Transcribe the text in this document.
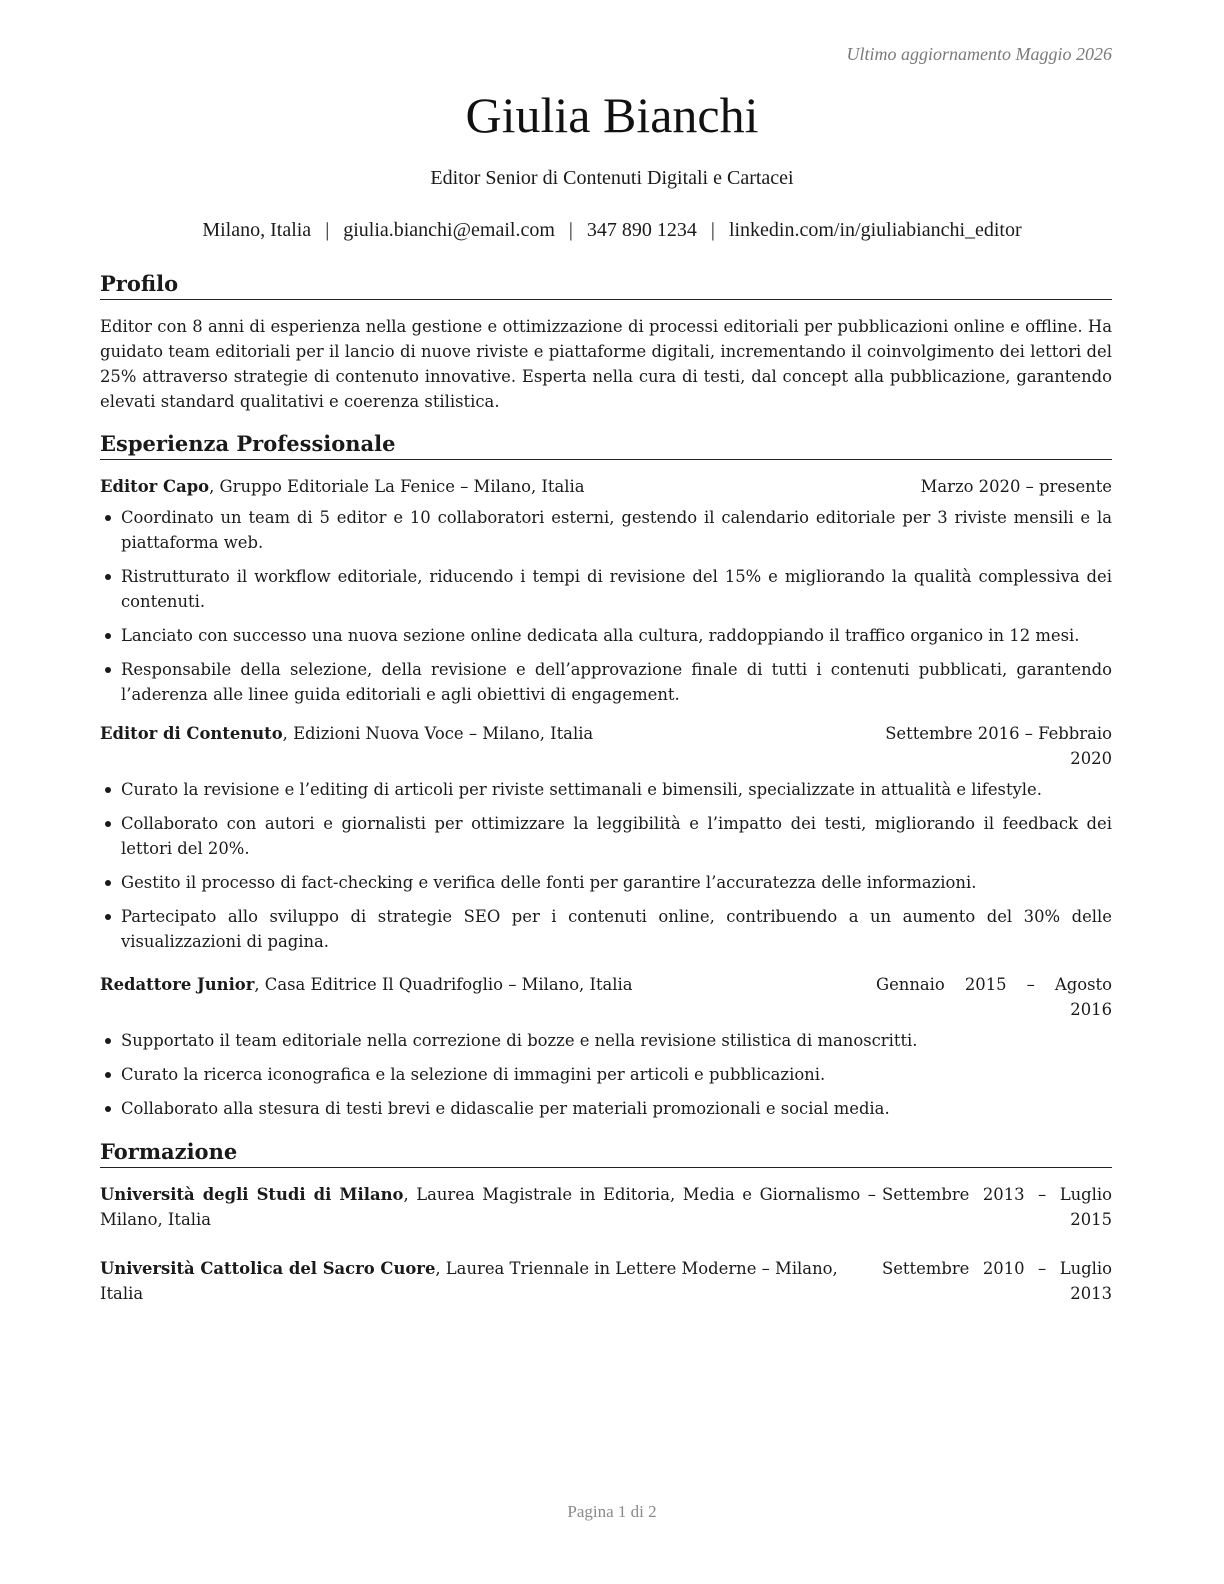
Ultimo aggiornamento Maggio 2026
Giulia Bianchi
Editor Senior di Contenuti Digitali e Cartacei
Milano, Italia | giulia.bianchi@email.com | 347 890 1234 | linkedin.com/in/giuliabianchi_editor
Profilo
Editor con 8 anni di esperienza nella gestione e ottimizzazione di processi editoriali per pubblicazioni online e offline. Ha guidato team editoriali per il lancio di nuove riviste e piattaforme digitali, incrementando il coinvolgimento dei lettori del 25% attraverso strategie di contenuto innovative. Esperta nella cura di testi, dal concept alla pubblicazione, garantendo elevati standard qualitativi e coerenza stilistica.
Esperienza Professionale
Editor Capo, Gruppo Editoriale La Fenice – Milano, Italia	Marzo 2020 – presente
Coordinato un team di 5 editor e 10 collaboratori esterni, gestendo il calendario editoriale per 3 riviste mensili e la piattaforma web.
Ristrutturato il workflow editoriale, riducendo i tempi di revisione del 15% e migliorando la qualità complessiva dei contenuti.
Lanciato con successo una nuova sezione online dedicata alla cultura, raddoppiando il traffico organico in 12 mesi.
Responsabile della selezione, della revisione e dell’approvazione finale di tutti i contenuti pubblicati, garantendo l’aderenza alle linee guida editoriali e agli obiettivi di engagement.
Editor di Contenuto, Edizioni Nuova Voce – Milano, Italia	Settembre 2016 – Febbraio 2020
Curato la revisione e l’editing di articoli per riviste settimanali e bimensili, specializzate in attualità e lifestyle.
Collaborato con autori e giornalisti per ottimizzare la leggibilità e l’impatto dei testi, migliorando il feedback dei lettori del 20%.
Gestito il processo di fact-checking e verifica delle fonti per garantire l’accuratezza delle informazioni.
Partecipato allo sviluppo di strategie SEO per i contenuti online, contribuendo a un aumento del 30% delle visualizzazioni di pagina.
Redattore Junior, Casa Editrice Il Quadrifoglio – Milano, Italia	Gennaio 2015 – Agosto 2016
Supportato il team editoriale nella correzione di bozze e nella revisione stilistica di manoscritti.
Curato la ricerca iconografica e la selezione di immagini per articoli e pubblicazioni.
Collaborato alla stesura di testi brevi e didascalie per materiali promozionali e social media.
Formazione
Università degli Studi di Milano, Laurea Magistrale in Editoria, Media e Giornalismo – Milano, Italia
Settembre 2013 – Luglio 2015
Università Cattolica del Sacro Cuore, Laurea Triennale in Lettere Moderne – Milano, Italia
Settembre 2010 – Luglio 2013
Pagina 1 di 2
